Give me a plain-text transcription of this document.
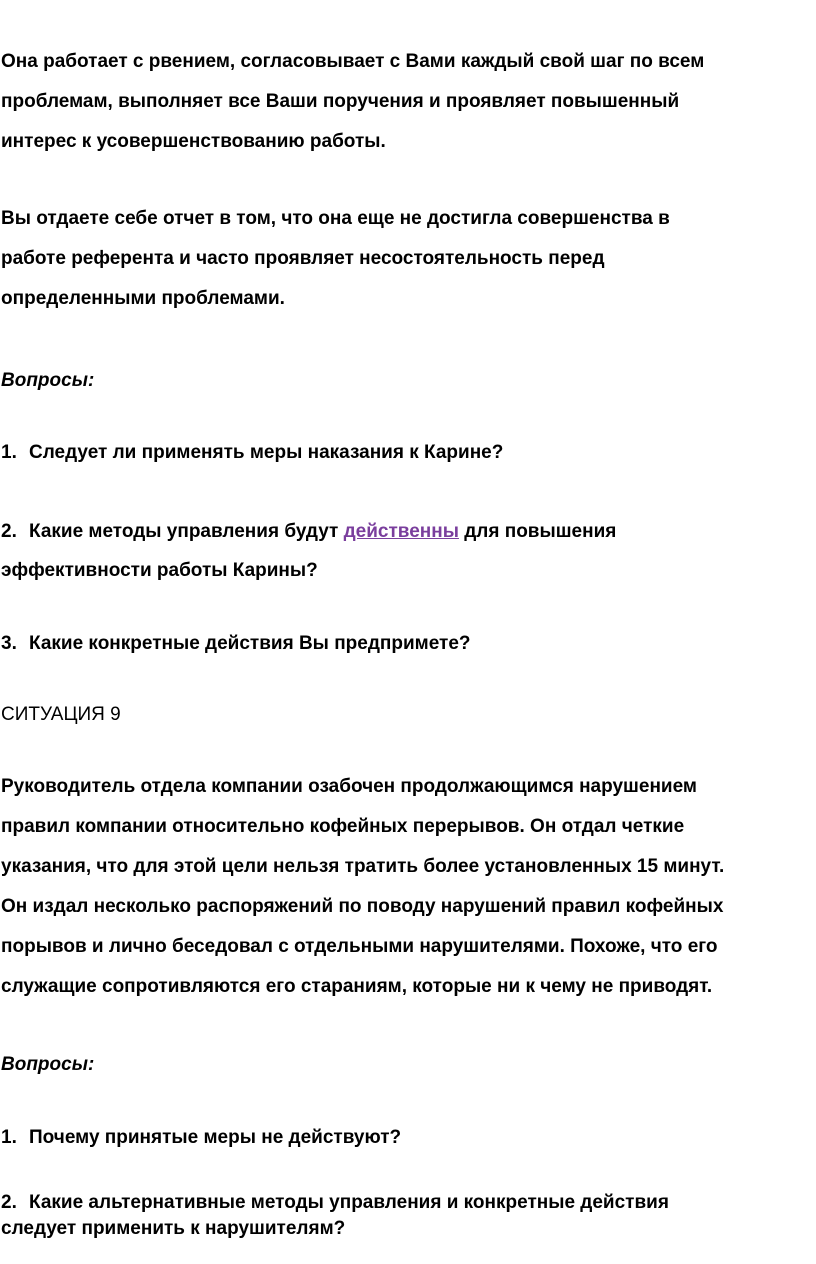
Она работает с рвением, согласовывает с Вами каждый свой шаг по всем
проблемам, выполняет все Ваши поручения и проявляет повышенный
интерес к усовершенствованию работы.
Вы отдаете себе отчет в том, что она еще не достигла совершенства в
работе референта и часто проявляет несостоятельность перед
определенными проблемами.
Вопросы:
1. Следует ли применять меры наказания к Карине?
2. Какие методы управления будут действенны для повышения
эффективности работы Карины?
3. Какие конкретные действия Вы предпримете?
СИТУАЦИЯ 9
Руководитель отдела компании озабочен продолжающимся нарушением
правил компании относительно кофейных перерывов. Он отдал четкие
указания, что для этой цели нельзя тратить более установленных 15 минут.
Он издал несколько распоряжений по поводу нарушений правил кофейных
порывов и лично беседовал с отдельными нарушителями. Похоже, что его
служащие сопротивляются его стараниям, которые ни к чему не приводят.
Вопросы:
1. Почему принятые меры не действуют?
2. Какие альтернативные методы управления и конкретные действия
следует применить к нарушителям?
